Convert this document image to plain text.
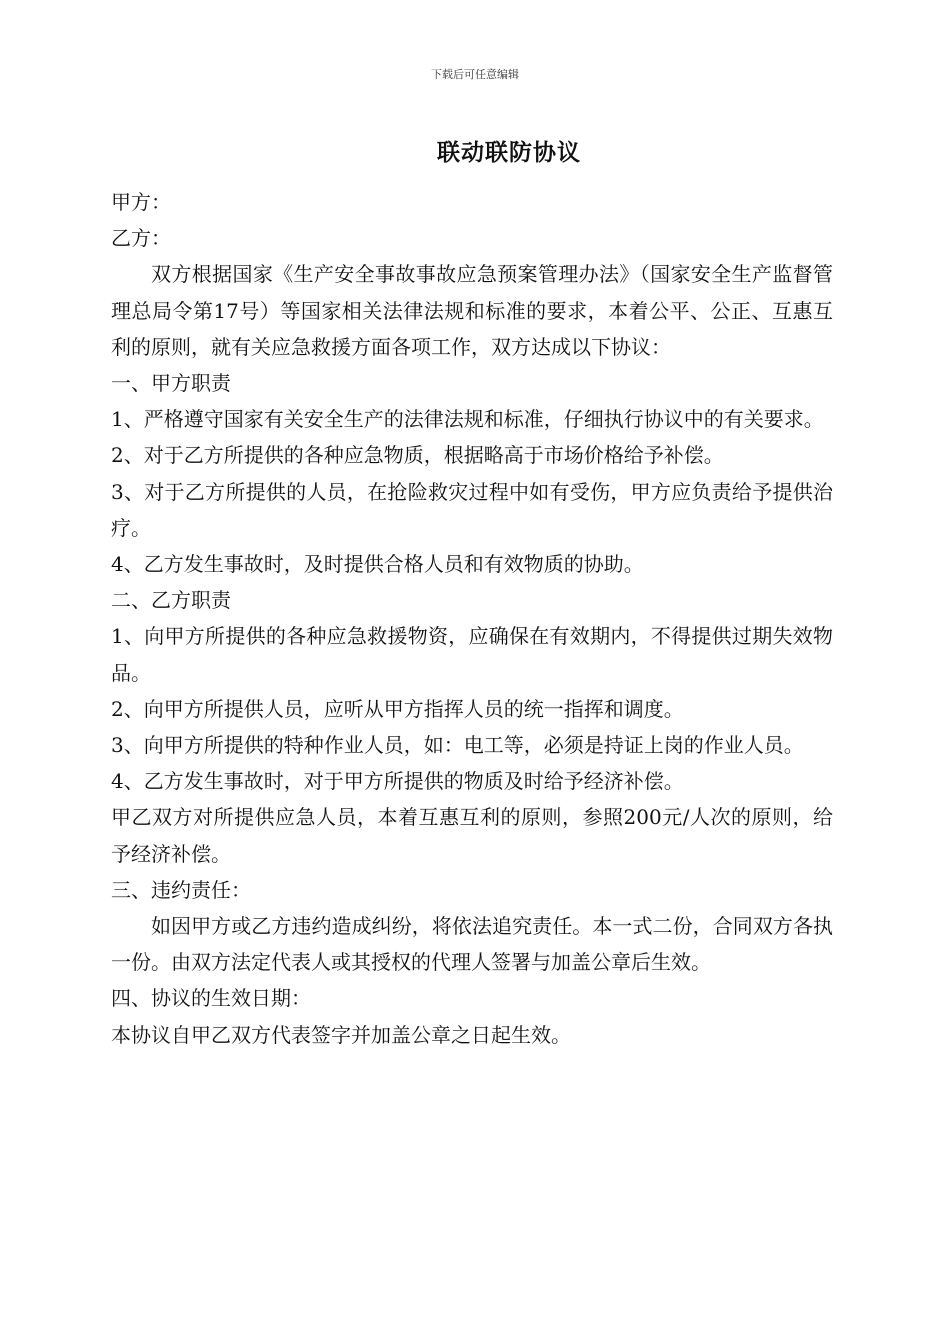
下载后可任意编辑
联动联防协议

甲方：

乙方：

双方根据国家《生产安全事故事故应急预案管理办法》（国家安全生产监督管理总局令第17号）等国家相关法律法规和标准的要求，本着公平、公正、互惠互利的原则，就有关应急救援方面各项工作，双方达成以下协议：

一、甲方职责

1、严格遵守国家有关安全生产的法律法规和标准，仔细执行协议中的有关要求。

2、对于乙方所提供的各种应急物质，根据略高于市场价格给予补偿。

3、对于乙方所提供的人员，在抢险救灾过程中如有受伤，甲方应负责给予提供治疗。

4、乙方发生事故时，及时提供合格人员和有效物质的协助。

二、乙方职责

1、向甲方所提供的各种应急救援物资，应确保在有效期内，不得提供过期失效物品。

2、向甲方所提供人员，应听从甲方指挥人员的统一指挥和调度。

3、向甲方所提供的特种作业人员，如：电工等，必须是持证上岗的作业人员。

4、乙方发生事故时，对于甲方所提供的物质及时给予经济补偿。

甲乙双方对所提供应急人员，本着互惠互利的原则，参照200元/人次的原则，给予经济补偿。

三、违约责任：

如因甲方或乙方违约造成纠纷，将依法追究责任。本一式二份，合同双方各执一份。由双方法定代表人或其授权的代理人签署与加盖公章后生效。

四、协议的生效日期：

本协议自甲乙双方代表签字并加盖公章之日起生效。
